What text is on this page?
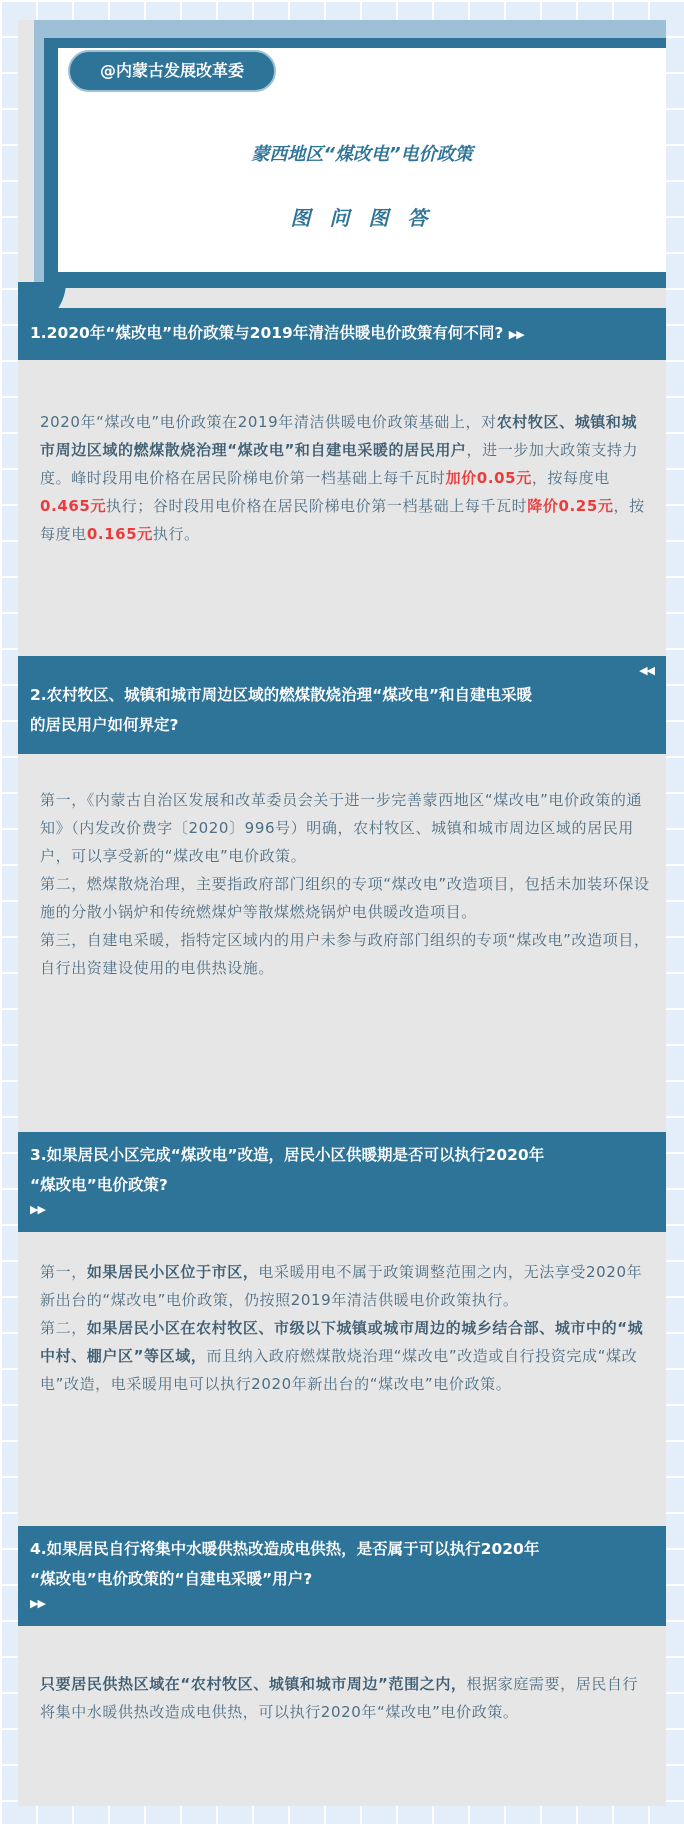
@内蒙古发展改革委
蒙西地区“煤改电”电价政策
图 问 图 答
1.2020年“煤改电”电价政策与2019年清洁供暖电价政策有何不同? ▶▶

2020年“煤改电”电价政策在2019年清洁供暖电价政策基础上，对农村牧区、城镇和城市周边区域的燃煤散烧治理“煤改电”和自建电采暖的居民用户，进一步加大政策支持力度。峰时段用电价格在居民阶梯电价第一档基础上每千瓦时加价0.05元，按每度电0.465元执行；谷时段用电价格在居民阶梯电价第一档基础上每千瓦时降价0.25元，按每度电0.165元执行。

◀◀
2.农村牧区、城镇和城市周边区域的燃煤散烧治理“煤改电”和自建电采暖
的居民用户如何界定?

第一，《内蒙古自治区发展和改革委员会关于进一步完善蒙西地区“煤改电”电价政策的通知》（内发改价费字〔2020〕996号）明确，农村牧区、城镇和城市周边区域的居民用户，可以享受新的“煤改电”电价政策。

第二，燃煤散烧治理，主要指政府部门组织的专项“煤改电”改造项目，包括未加装环保设施的分散小锅炉和传统燃煤炉等散煤燃烧锅炉电供暖改造项目。

第三，自建电采暖，指特定区域内的用户未参与政府部门组织的专项“煤改电”改造项目，自行出资建设使用的电供热设施。

3.如果居民小区完成“煤改电”改造，居民小区供暖期是否可以执行2020年
“煤改电”电价政策?
▶▶

第一，如果居民小区位于市区，电采暖用电不属于政策调整范围之内，无法享受2020年新出台的“煤改电”电价政策，仍按照2019年清洁供暖电价政策执行。

第二，如果居民小区在农村牧区、市级以下城镇或城市周边的城乡结合部、城市中的“城中村、棚户区”等区域，而且纳入政府燃煤散烧治理“煤改电”改造或自行投资完成“煤改电”改造，电采暖用电可以执行2020年新出台的“煤改电”电价政策。

4.如果居民自行将集中水暖供热改造成电供热，是否属于可以执行2020年
“煤改电”电价政策的“自建电采暖”用户?
▶▶

只要居民供热区域在“农村牧区、城镇和城市周边”范围之内，根据家庭需要，居民自行将集中水暖供热改造成电供热，可以执行2020年“煤改电”电价政策。
